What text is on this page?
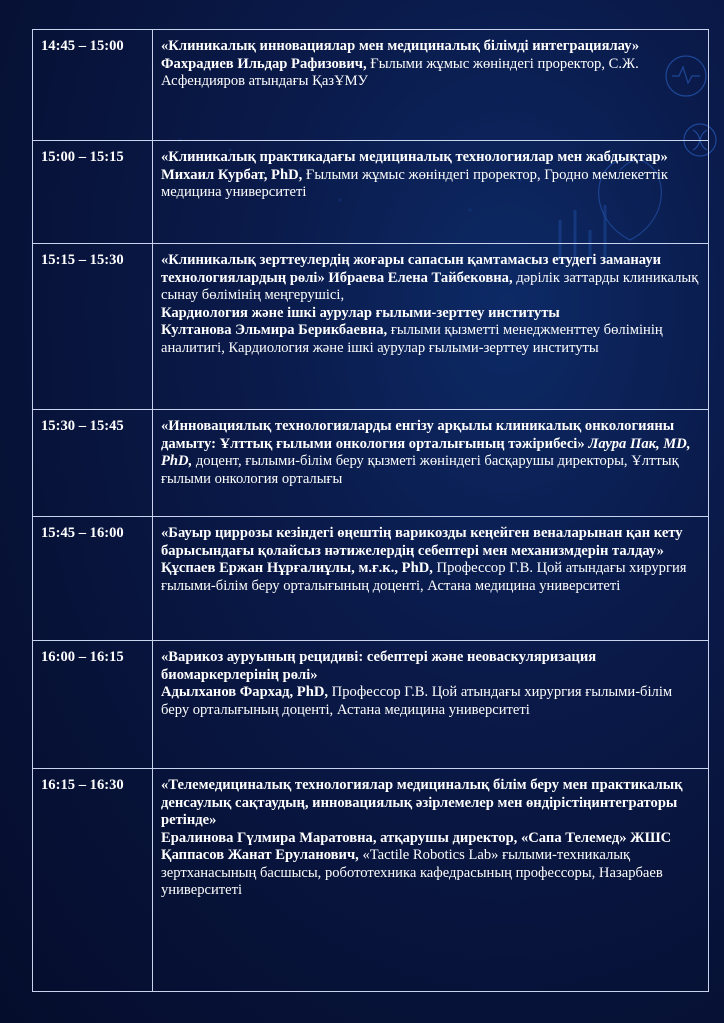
14:45 – 15:00	«Клиникалық инновациялар мен медициналық білімді интеграциялау»
Фахрадиев Ильдар Рафизович, Ғылыми жұмыс жөніндегі проректор, С.Ж. Асфендияров атындағы ҚазҰМУ

15:00 – 15:15	«Клиникалық практикадағы медициналық технологиялар мен жабдықтар»
Михаил Курбат, PhD, Ғылыми жұмыс жөніндегі проректор, Гродно мемлекеттік медицина университеті

15:15 – 15:30	«Клиникалық зерттеулердің жоғары сапасын қамтамасыз етудегі заманауи технологиялардың рөлі» Ибраева Елена Тайбековна, дәрілік заттарды клиникалық сынау бөлімінің меңгерушісі,
Кардиология және ішкі аурулар ғылыми-зерттеу институты
Култанова Эльмира Берикбаевна, ғылыми қызметті менеджменттеу бөлімінің аналитигі, Кардиология және ішкі аурулар ғылыми-зерттеу институты

15:30 – 15:45	«Инновациялық технологияларды енгізу арқылы клиникалық онкологияны дамыту: Ұлттық ғылыми онкология орталығының тәжірибесі» Лаура Пак, MD, PhD, доцент, ғылыми-білім беру қызметі жөніндегі басқарушы директоры, Ұлттық ғылыми онкология орталығы

15:45 – 16:00	«Бауыр циррозы кезіндегі өңештің варикозды кеңейген веналарынан қан кету барысындағы қолайсыз нәтижелердің себептері мен механизмдерін талдау»
Құспаев Ержан Нұрғалиұлы, м.ғ.к., PhD, Профессор Г.В. Цой атындағы хирургия ғылыми-білім беру орталығының доценті, Астана медицина университеті

16:00 – 16:15	«Варикоз ауруының рецидиві: себептері және неоваскуляризация биомаркерлерінің рөлі»
Адылханов Фархад, PhD, Профессор Г.В. Цой атындағы хирургия ғылыми-білім беру орталығының доценті, Астана медицина университеті

16:15 – 16:30	«Телемедициналық технологиялар медициналық білім беру мен практикалық денсаулық сақтаудың, инновациялық әзірлемелер мен өндірістіңинтеграторы ретінде»
Ералинова Гүлмира Маратовна, атқарушы директор, «Сапа Телемед» ЖШС
Қаппасов Жанат Еруланович, «Tactile Robotics Lab» ғылыми-техникалық зертханасының басшысы, робототехника кафедрасының профессоры, Назарбаев университеті
